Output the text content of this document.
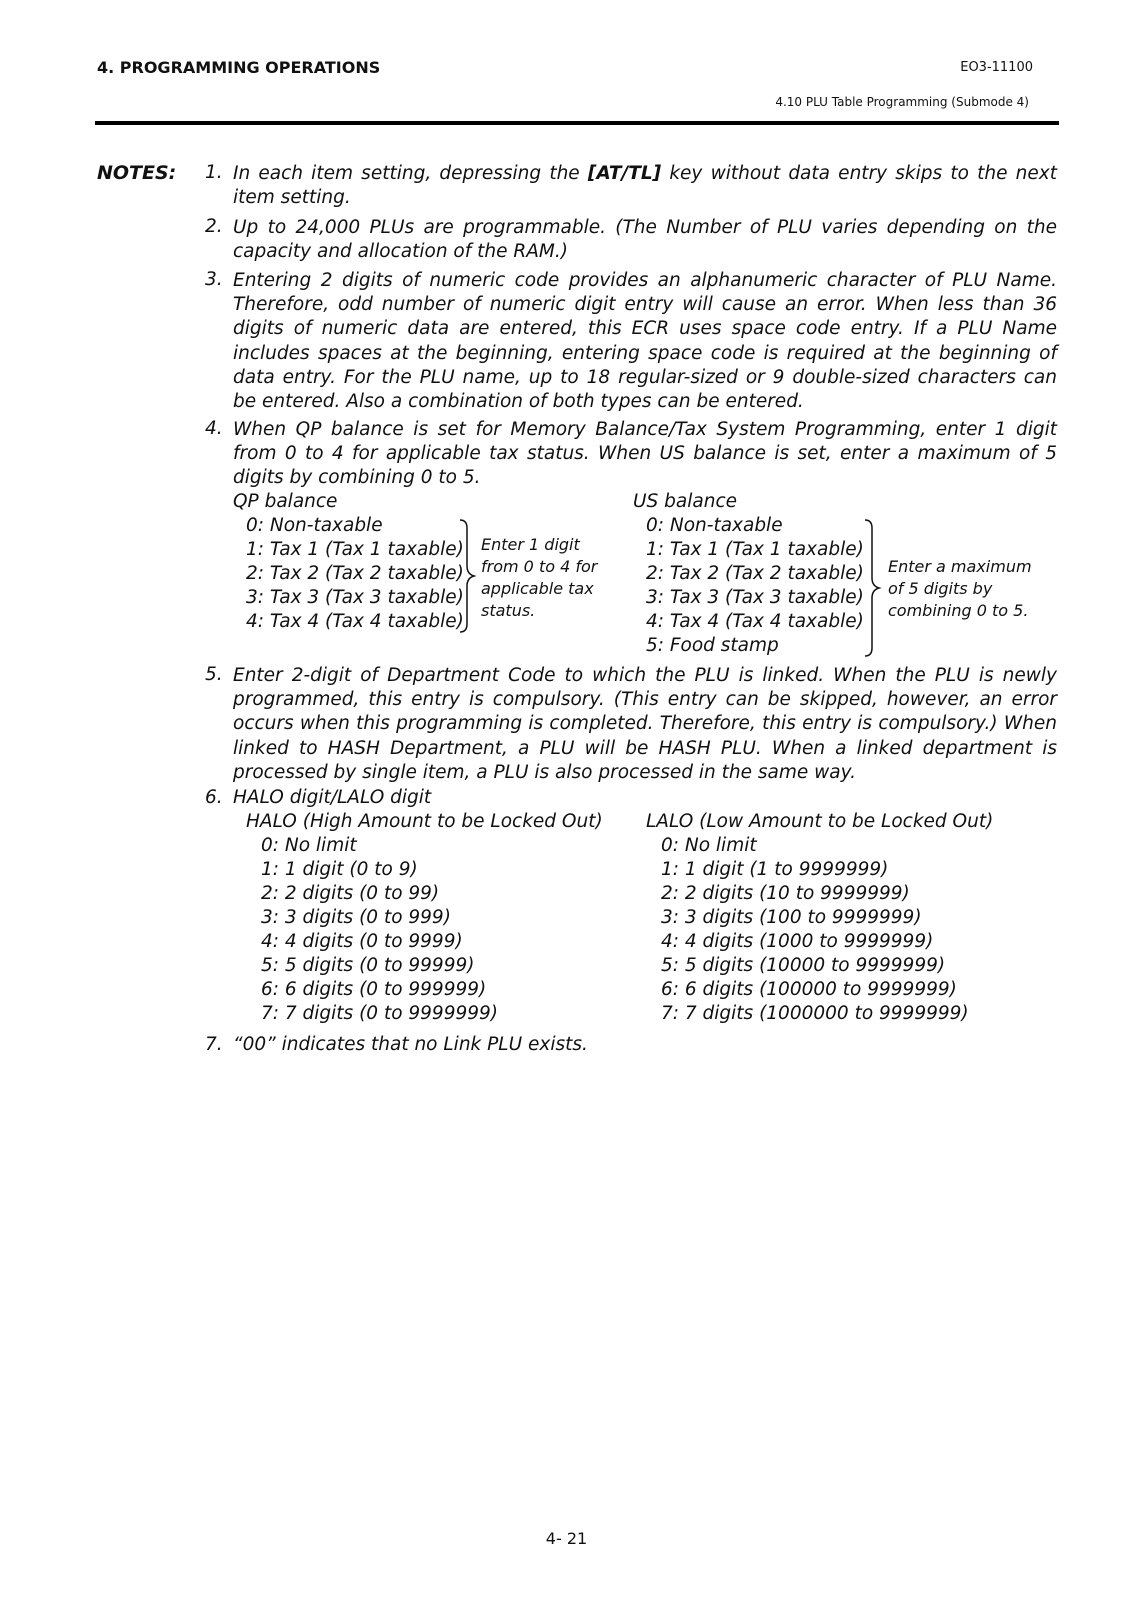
4. PROGRAMMING OPERATIONS	EO3-11100
4.10 PLU Table Programming (Submode 4)
NOTES: 1. In each item setting, depressing the [AT/TL] key without data entry skips to the next item setting.
2. Up to 24,000 PLUs are programmable. (The Number of PLU varies depending on the capacity and allocation of the RAM.)
3. Entering 2 digits of numeric code provides an alphanumeric character of PLU Name. Therefore, odd number of numeric digit entry will cause an error. When less than 36 digits of numeric data are entered, this ECR uses space code entry. If a PLU Name includes spaces at the beginning, entering space code is required at the beginning of data entry. For the PLU name, up to 18 regular-sized or 9 double-sized characters can be entered. Also a combination of both types can be entered.
4. When QP balance is set for Memory Balance/Tax System Programming, enter 1 digit from 0 to 4 for applicable tax status. When US balance is set, enter a maximum of 5 digits by combining 0 to 5.
QP balance
0: Non-taxable
1: Tax 1 (Tax 1 taxable)
2: Tax 2 (Tax 2 taxable)
3: Tax 3 (Tax 3 taxable)
4: Tax 4 (Tax 4 taxable)
Enter 1 digit
from 0 to 4 for
applicable tax
status.
US balance
0: Non-taxable
1: Tax 1 (Tax 1 taxable)
2: Tax 2 (Tax 2 taxable)
3: Tax 3 (Tax 3 taxable)
4: Tax 4 (Tax 4 taxable)
5: Food stamp
Enter a maximum
of 5 digits by
combining 0 to 5.
5. Enter 2-digit of Department Code to which the PLU is linked. When the PLU is newly programmed, this entry is compulsory. (This entry can be skipped, however, an error occurs when this programming is completed. Therefore, this entry is compulsory.) When linked to HASH Department, a PLU will be HASH PLU. When a linked department is processed by single item, a PLU is also processed in the same way.
6. HALO digit/LALO digit
HALO (High Amount to be Locked Out)
0: No limit
1: 1 digit (0 to 9)
2: 2 digits (0 to 99)
3: 3 digits (0 to 999)
4: 4 digits (0 to 9999)
5: 5 digits (0 to 99999)
6: 6 digits (0 to 999999)
7: 7 digits (0 to 9999999)
LALO (Low Amount to be Locked Out)
0: No limit
1: 1 digit (1 to 9999999)
2: 2 digits (10 to 9999999)
3: 3 digits (100 to 9999999)
4: 4 digits (1000 to 9999999)
5: 5 digits (10000 to 9999999)
6: 6 digits (100000 to 9999999)
7: 7 digits (1000000 to 9999999)
7. “00” indicates that no Link PLU exists.
4- 21
